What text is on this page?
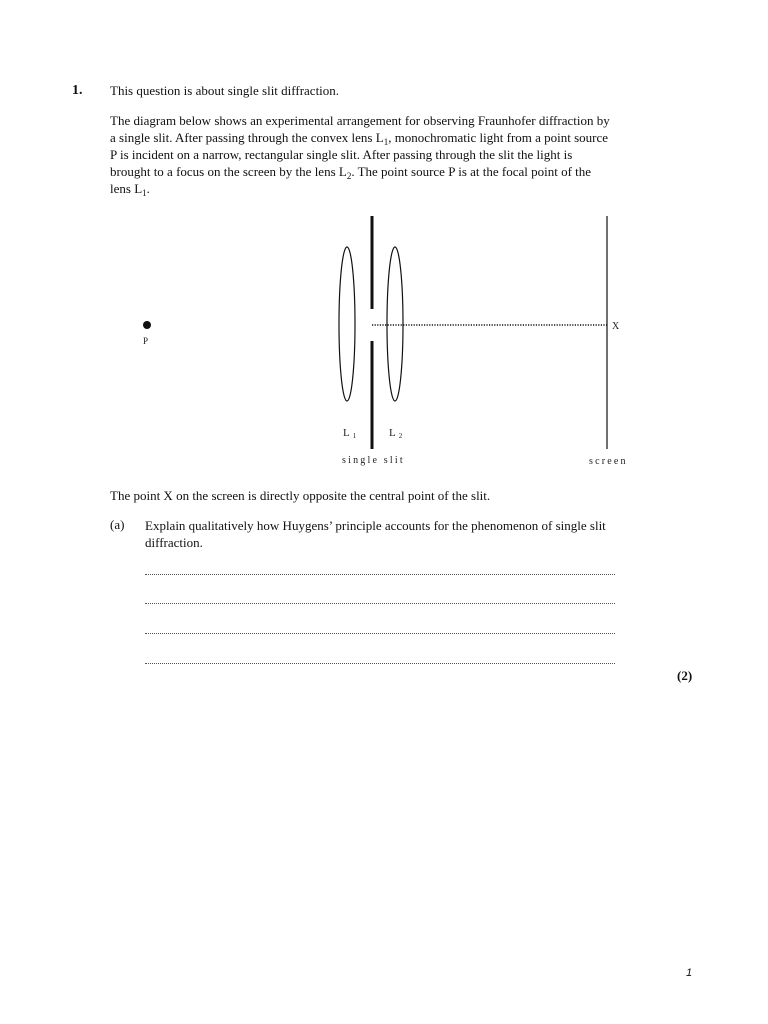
1. This question is about single slit diffraction.
The diagram below shows an experimental arrangement for observing Fraunhofer diffraction by
a single slit. After passing through the convex lens $L_1$, monochromatic light from a point source
P is incident on a narrow, rectangular single slit. After passing through the slit the light is
brought to a focus on the screen by the lens $L_2$. The point source P is at the focal point of the
lens $L_1$.
P
X
L 1	L 2
single slit	screen
The point X on the screen is directly opposite the central point of the slit.
(a) Explain qualitatively how Huygens’ principle accounts for the phenomenon of single slit
diffraction.
(2)
1
